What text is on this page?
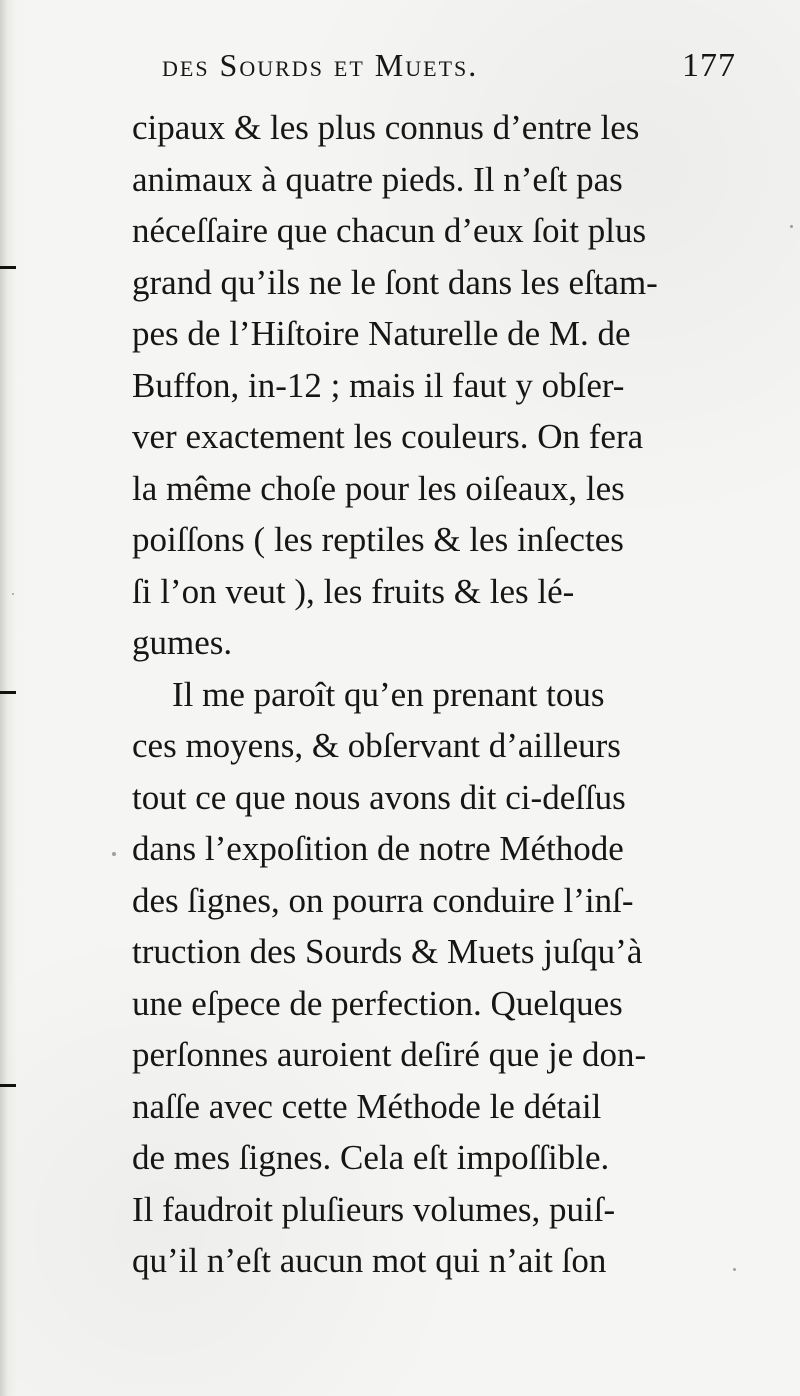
des Sourds et Muets.	177
cipaux & les plus connus d’entre les
animaux à quatre pieds. Il n’eſt pas
néceſſaire que chacun d’eux ſoit plus
grand qu’ils ne le ſont dans les eſtam-
pes de l’Hiſtoire Naturelle de M. de
Buffon, in-12 ; mais il faut y obſer-
ver exactement les couleurs. On fera
la même choſe pour les oiſeaux, les
poiſſons ( les reptiles & les inſectes
ſi l’on veut ), les fruits & les lé-
gumes.
Il me paroît qu’en prenant tous
ces moyens, & obſervant d’ailleurs
tout ce que nous avons dit ci-deſſus
dans l’expoſition de notre Méthode
des ſignes, on pourra conduire l’inſ-
truction des Sourds & Muets juſqu’à
une eſpece de perfection. Quelques
perſonnes auroient deſiré que je don-
naſſe avec cette Méthode le détail
de mes ſignes. Cela eſt impoſſible.
Il faudroit pluſieurs volumes, puiſ-
qu’il n’eſt aucun mot qui n’ait ſon
